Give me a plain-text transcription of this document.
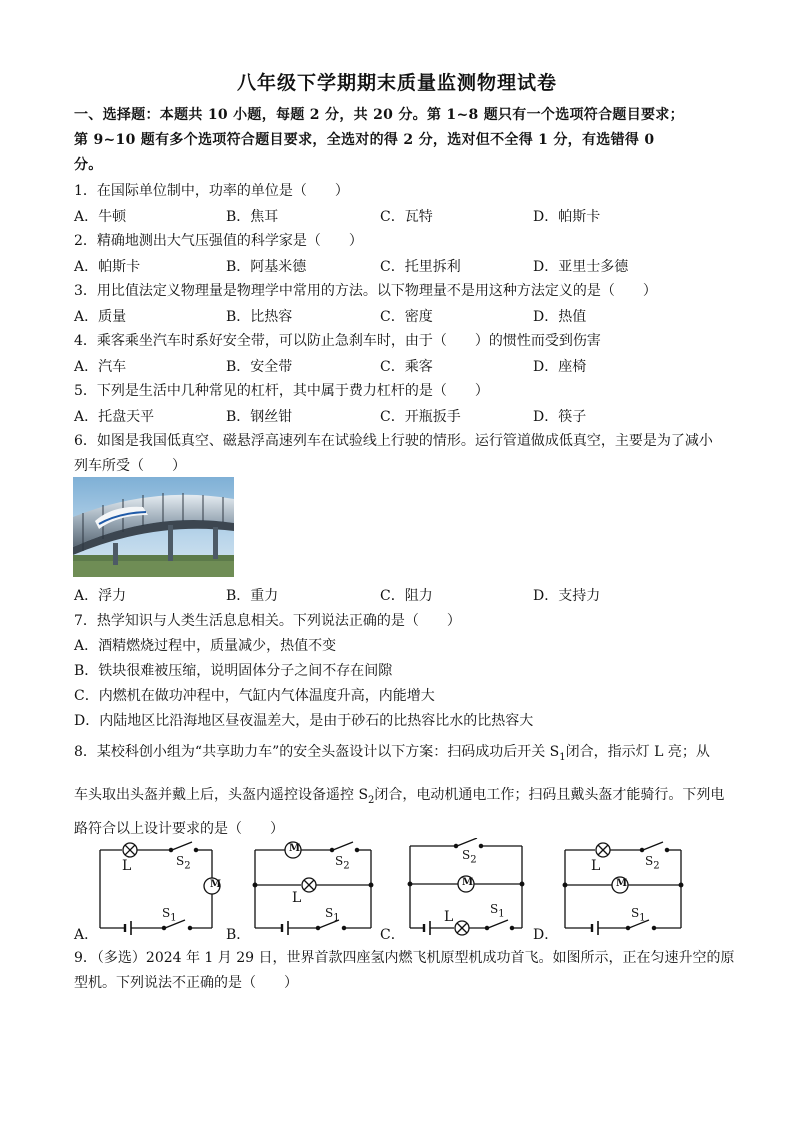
八年级下学期期末质量监测物理试卷
一、选择题：本题共 10 小题，每题 2 分，共 20 分。第 1~8 题只有一个选项符合题目要求；
第 9~10 题有多个选项符合题目要求，全选对的得 2 分，选对但不全得 1 分，有选错得 0
分。
1．在国际单位制中，功率的单位是（　　）
A．牛顿	B．焦耳	C．瓦特	D．帕斯卡
2．精确地测出大气压强值的科学家是（　　）
A．帕斯卡	B．阿基米德	C．托里拆利	D．亚里士多德
3．用比值法定义物理量是物理学中常用的方法。以下物理量不是用这种方法定义的是（　　）
A．质量	B．比热容	C．密度	D．热值
4．乘客乘坐汽车时系好安全带，可以防止急刹车时，由于（　　）的惯性而受到伤害
A．汽车	B．安全带	C．乘客	D．座椅
5．下列是生活中几种常见的杠杆，其中属于费力杠杆的是（　　）
A．托盘天平	B．钢丝钳	C．开瓶扳手	D．筷子
6．如图是我国低真空、磁悬浮高速列车在试验线上行驶的情形。运行管道做成低真空，主要是为了减小
列车所受（　　）
A．浮力	B．重力	C．阻力	D．支持力
7．热学知识与人类生活息息相关。下列说法正确的是（　　）
A．酒精燃烧过程中，质量减少，热值不变
B．铁块很难被压缩，说明固体分子之间不存在间隙
C．内燃机在做功冲程中，气缸内气体温度升高，内能增大
D．内陆地区比沿海地区昼夜温差大，是由于砂石的比热容比水的比热容大
8．某校科创小组为“共享助力车”的安全头盔设计以下方案：扫码成功后开关 $S_1$闭合，指示灯 L 亮；从
车头取出头盔并戴上后，头盔内遥控设备遥控 $S_2$闭合，电动机通电工作；扫码且戴头盔才能骑行。下列电
路符合以上设计要求的是（　　）
A．
M
L	$S_2$
$S_1$
B．
M
L
$S_2$
$S_1$
C．
M
L
$S_2$
$S_1$
D．
M
L	$S_2$
$S_1$
9．（多选）2024 年 1 月 29 日，世界首款四座氢内燃飞机原型机成功首飞。如图所示，正在匀速升空的原
型机。下列说法不正确的是（　　）
